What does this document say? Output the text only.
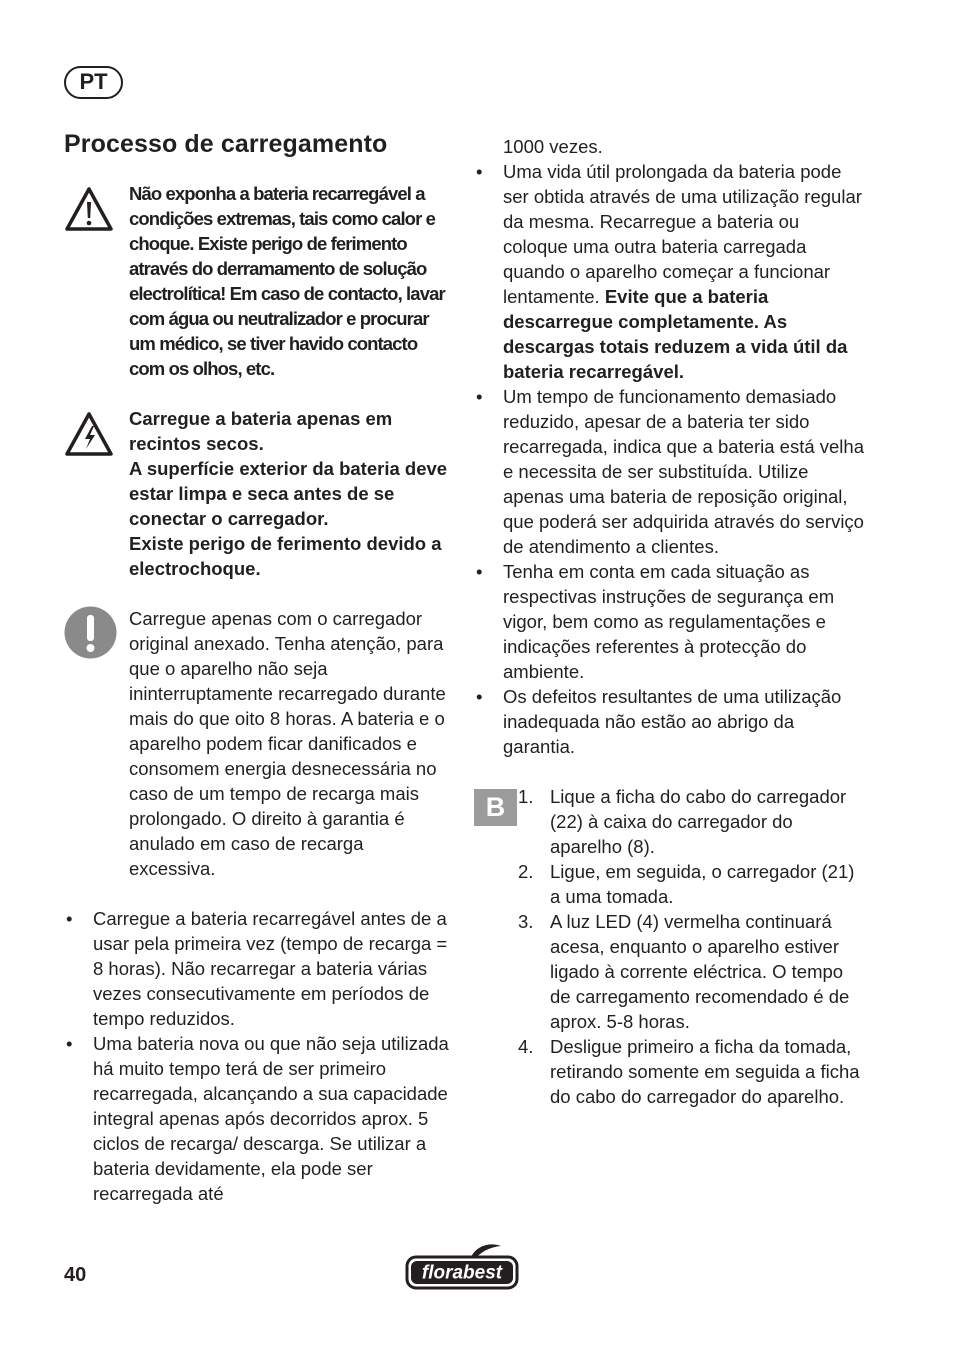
PT
Processo de carregamento
Não exponha a bateria recarregável a condições extremas, tais como calor e choque. Existe perigo de ferimento através do derramamento de solução electrolítica! Em caso de contacto, lavar com água ou neutralizador e procurar um médico, se tiver havido contacto com os olhos, etc.
Carregue a bateria apenas em recintos secos.
A superfície exterior da bateria deve estar limpa e seca antes de se conectar o carregador.
Existe perigo de ferimento devido a electrochoque.
Carregue apenas com o carregador original anexado. Tenha atenção, para que o aparelho não seja ininterruptamente recarregado durante mais do que oito 8 horas. A bateria e o aparelho podem ficar danificados e consomem energia desnecessária no caso de um tempo de recarga mais prolongado. O direito à garantia é anulado em caso de recarga excessiva.
• Carregue a bateria recarregável antes de a usar pela primeira vez (tempo de recarga = 8 horas). Não recarregar a bateria várias vezes consecutivamente em períodos de tempo reduzidos.
• Uma bateria nova ou que não seja utilizada há muito tempo terá de ser primeiro recarregada, alcançando a sua capacidade integral apenas após decorridos aprox. 5 ciclos de recarga/ descarga. Se utilizar a bateria devidamente, ela pode ser recarregada até
1000 vezes.
• Uma vida útil prolongada da bateria pode ser obtida através de uma utilização regular da mesma. Recarregue a bateria ou coloque uma outra bateria carregada quando o aparelho começar a funcionar lentamente. Evite que a bateria descarregue completamente. As descargas totais reduzem a vida útil da bateria recarregável.
• Um tempo de funcionamento demasiado reduzido, apesar de a bateria ter sido recarregada, indica que a bateria está velha e necessita de ser substituída. Utilize apenas uma bateria de reposição original, que poderá ser adquirida através do serviço de atendimento a clientes.
• Tenha em conta em cada situação as respectivas instruções de segurança em vigor, bem como as regulamentações e indicações referentes à protecção do ambiente.
• Os defeitos resultantes de uma utilização inadequada não estão ao abrigo da garantia.
B 1. Lique a ficha do cabo do carregador (22) à caixa do carregador do aparelho (8).
2. Ligue, em seguida, o carregador (21) a uma tomada.
3. A luz LED (4) vermelha continuará acesa, enquanto o aparelho estiver ligado à corrente eléctrica. O tempo de carregamento recomendado é de aprox. 5-8 horas.
4. Desligue primeiro a ficha da tomada, retirando somente em seguida a ficha do cabo do carregador do aparelho.
40	florabest
